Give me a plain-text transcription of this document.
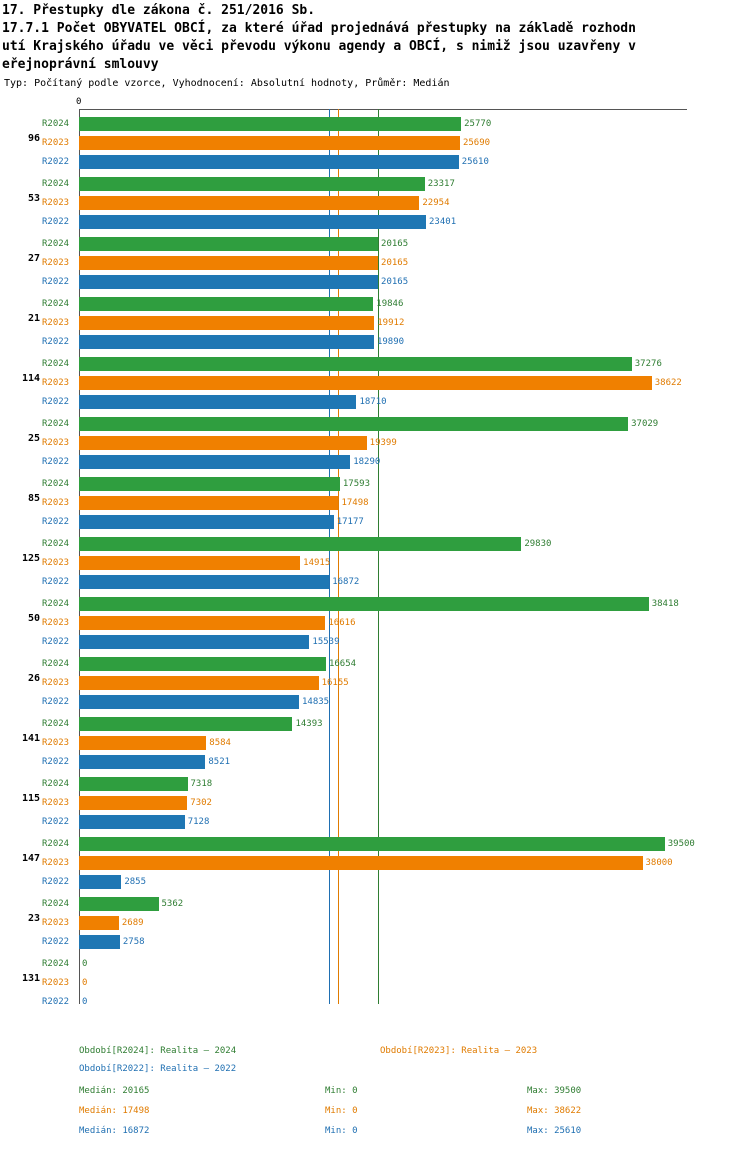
17. Přestupky dle zákona č. 251/2016 Sb.
17.7.1 Počet OBYVATEL OBCÍ, za které úřad projednává přestupky na základě rozhodn
utí Krajského úřadu ve věci převodu výkonu agendy a OBCÍ, s nimiž jsou uzavřeny v
eřejnoprávní smlouvy
Typ: Počítaný podle vzorce, Vyhodnocení: Absolutní hodnoty, Průměr: Medián
0
96
R2024	25770
R2023	25690
R2022	25610
53
R2024	23317
R2023	22954
R2022	23401
27
R2024	20165
R2023	20165
R2022	20165
21
R2024	19846
R2023	19912
R2022	19890
114
R2024	37276
R2023	38622
R2022	18710
25
R2024	37029
R2023	19399
R2022	18290
85
R2024	17593
R2023	17498
R2022	17177
125
R2024	29830
R2023	14915
R2022	16872
50
R2024	38418
R2023	16616
R2022	15539
26
R2024	16654
R2023	16155
R2022	14835
141
R2024	14393
R2023	8584
R2022	8521
115
R2024	7318
R2023	7302
R2022	7128
147
R2024	39500
R2023	38000
R2022	2855
23
R2024	5362
R2023	2689
R2022	2758
131
R2024 0
R2023 0
R2022 0
Období[R2024]: Realita – 2024	Období[R2023]: Realita – 2023
Období[R2022]: Realita – 2022
Medián: 20165	Min: 0	Max: 39500
Medián: 17498	Min: 0	Max: 38622
Medián: 16872	Min: 0	Max: 25610
